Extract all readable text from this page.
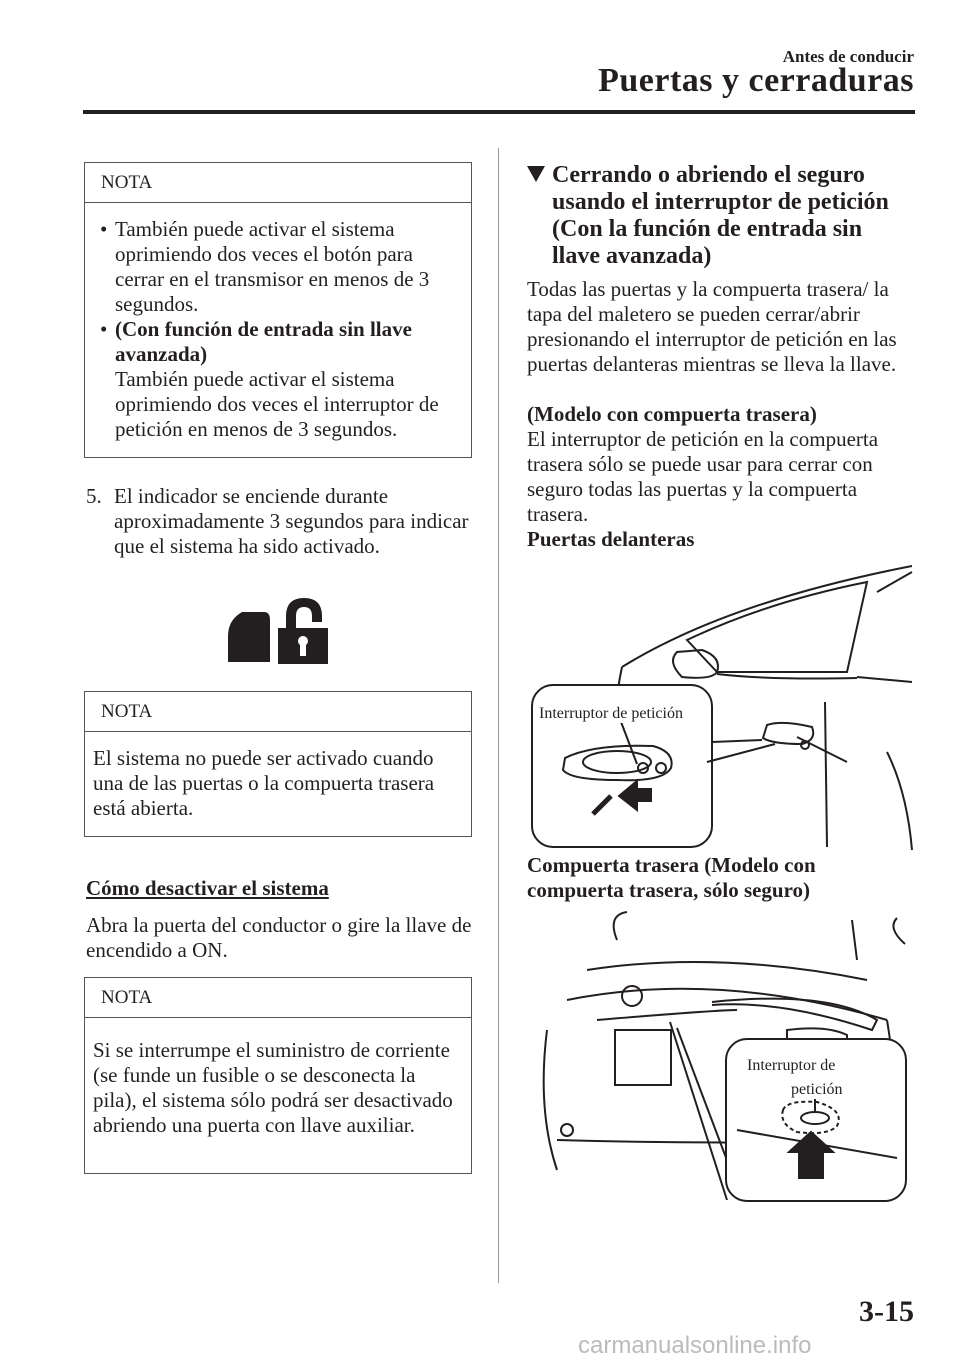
Antes de conducir
Puertas y cerraduras
NOTA
• También puede activar el sistema oprimiendo dos veces el botón para cerrar en el transmisor en menos de 3 segundos.
• (Con función de entrada sin llave avanzada)
También puede activar el sistema oprimiendo dos veces el interruptor de petición en menos de 3 segundos.
5. El indicador se enciende durante aproximadamente 3 segundos para indicar que el sistema ha sido activado.
NOTA
El sistema no puede ser activado cuando una de las puertas o la compuerta trasera está abierta.
Cómo desactivar el sistema
Abra la puerta del conductor o gire la llave de encendido a ON.
NOTA
Si se interrumpe el suministro de corriente (se funde un fusible o se desconecta la pila), el sistema sólo podrá ser desactivado abriendo una puerta con llave auxiliar.
Cerrando o abriendo el seguro usando el interruptor de petición (Con la función de entrada sin llave avanzada)
Todas las puertas y la compuerta trasera/ la tapa del maletero se pueden cerrar/abrir presionando el interruptor de petición en las puertas delanteras mientras se lleva la llave.
(Modelo con compuerta trasera)
El interruptor de petición en la compuerta trasera sólo se puede usar para cerrar con seguro todas las puertas y la compuerta trasera.
Puertas delanteras
Interruptor de petición
Compuerta trasera (Modelo con compuerta trasera, sólo seguro)
Interruptor de
petición
3-15
carmanualsonline.info
